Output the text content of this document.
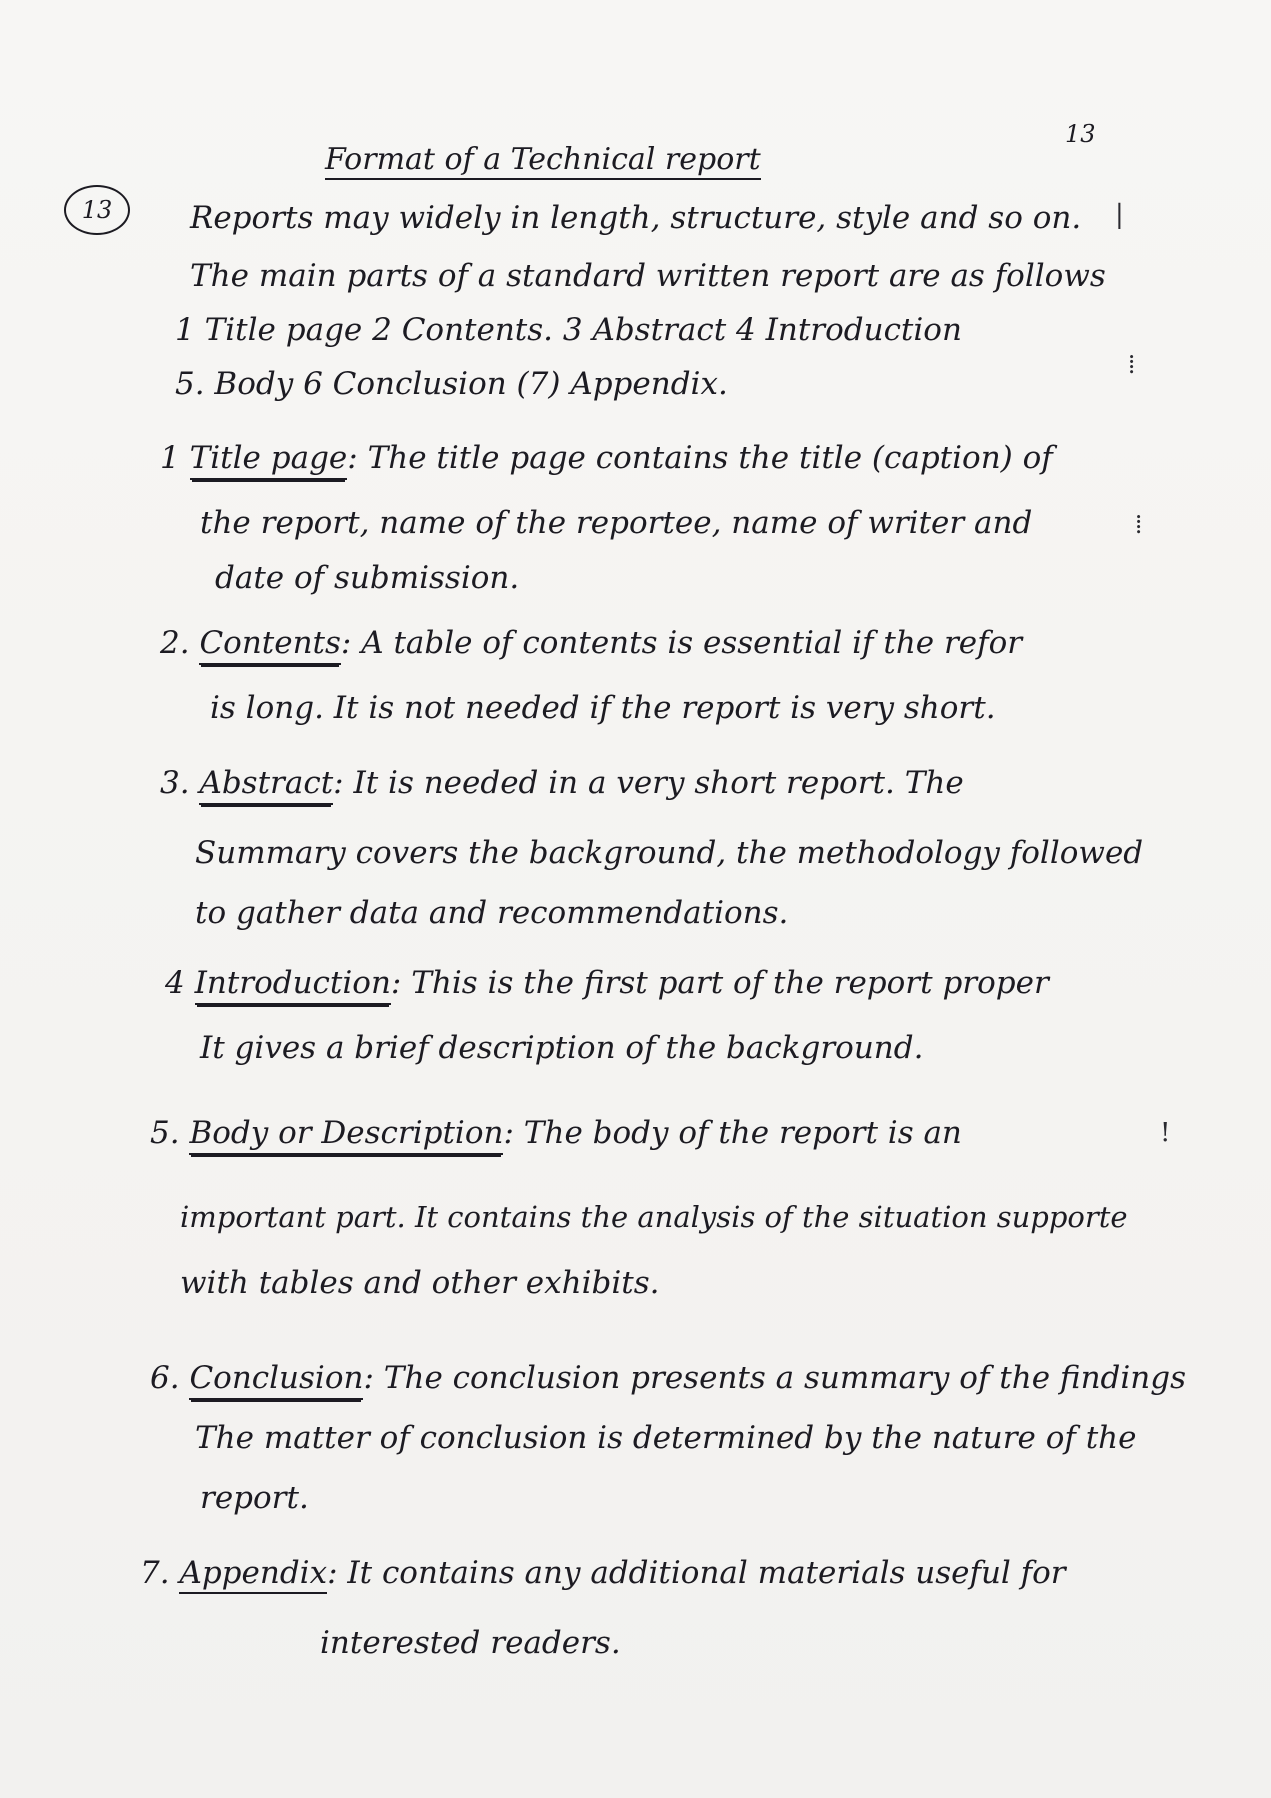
13
13
Format of a Technical report
Reports may widely in length, structure, style and so on.
The main parts of a standard written report are as follows
1 Title page 2 Contents. 3 Abstract 4 Introduction
5. Body 6 Conclusion (7) Appendix.
1 Title page: The title page contains the title (caption) of
the report, name of the reportee, name of writer and
date of submission.
2. Contents: A table of contents is essential if the refor
is long. It is not needed if the report is very short.
3. Abstract: It is needed in a very short report. The
Summary covers the background, the methodology followed
to gather data and recommendations.
4 Introduction: This is the first part of the report proper
It gives a brief description of the background.
5. Body or Description: The body of the report is an
important part. It contains the analysis of the situation supporte
with tables and other exhibits.
6. Conclusion: The conclusion presents a summary of the findings
The matter of conclusion is determined by the nature of the
report.
7. Appendix: It contains any additional materials useful for
interested readers.
|
⁞
⁞
!
